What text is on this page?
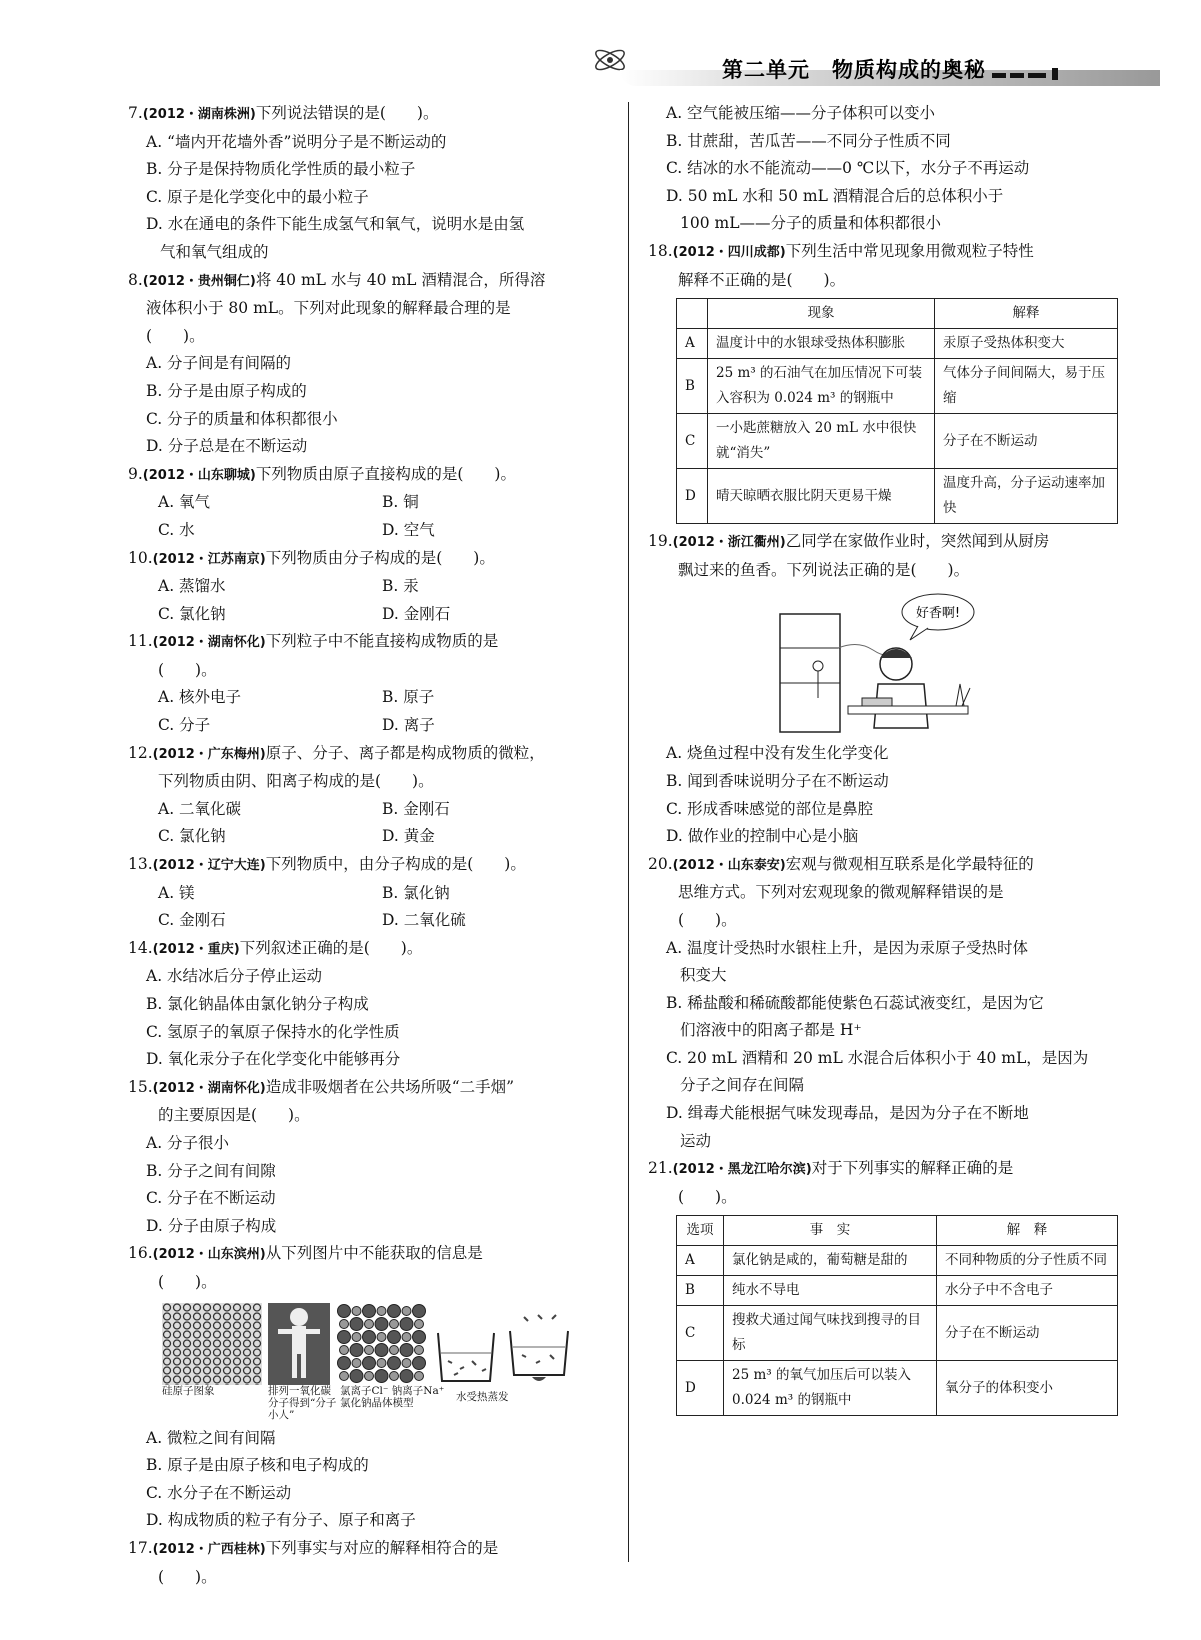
第二单元　物质构成的奥秘
7.(2012・湖南株洲)下列说法错误的是(　　)。
A. “墙内开花墙外香”说明分子是不断运动的
B. 分子是保持物质化学性质的最小粒子
C. 原子是化学变化中的最小粒子
D. 水在通电的条件下能生成氢气和氧气，说明水是由氢
气和氧气组成的
8.(2012・贵州铜仁)将 40 mL 水与 40 mL 酒精混合，所得溶
液体积小于 80 mL。下列对此现象的解释最合理的是
(　　)。
A. 分子间是有间隔的
B. 分子是由原子构成的
C. 分子的质量和体积都很小
D. 分子总是在不断运动
9.(2012・山东聊城)下列物质由原子直接构成的是(　　)。
A. 氧气	B. 铜
C. 水	D. 空气
10.(2012・江苏南京)下列物质由分子构成的是(　　)。
A. 蒸馏水	B. 汞
C. 氯化钠	D. 金刚石
11.(2012・湖南怀化)下列粒子中不能直接构成物质的是
(　　)。
A. 核外电子	B. 原子
C. 分子	D. 离子
12.(2012・广东梅州)原子、分子、离子都是构成物质的微粒，
下列物质由阴、阳离子构成的是(　　)。
A. 二氧化碳	B. 金刚石
C. 氯化钠	D. 黄金
13.(2012・辽宁大连)下列物质中，由分子构成的是(　　)。
A. 镁	B. 氯化钠
C. 金刚石	D. 二氧化硫
14.(2012・重庆)下列叙述正确的是(　　)。
A. 水结冰后分子停止运动
B. 氯化钠晶体由氯化钠分子构成
C. 氢原子的氧原子保持水的化学性质
D. 氧化汞分子在化学变化中能够再分
15.(2012・湖南怀化)造成非吸烟者在公共场所吸“二手烟”
的主要原因是(　　)。
A. 分子很小
B. 分子之间有间隙
C. 分子在不断运动
D. 分子由原子构成
16.(2012・山东滨州)从下列图片中不能获取的信息是
(　　)。
硅原子图象	排列一氧化碳分子得到“分子小人”
氯离子Cl⁻ 钠离子Na⁺ 氯化钠晶体模型	水受热蒸发
A. 微粒之间有间隔
B. 原子是由原子核和电子构成的
C. 水分子在不断运动
D. 构成物质的粒子有分子、原子和离子
17.(2012・广西桂林)下列事实与对应的解释相符合的是
(　　)。
A. 空气能被压缩——分子体积可以变小
B. 甘蔗甜，苦瓜苦——不同分子性质不同
C. 结冰的水不能流动——0 ℃以下，水分子不再运动
D. 50 mL 水和 50 mL 酒精混合后的总体积小于
100 mL——分子的质量和体积都很小
18.(2012・四川成都)下列生活中常见现象用微观粒子特性
解释不正确的是(　　)。
	现象	解释
A	温度计中的水银球受热体积膨胀	汞原子受热体积变大
B	25 m³ 的石油气在加压情况下可装入容积为 0.024 m³ 的钢瓶中	气体分子间间隔大，易于压缩
C	一小匙蔗糖放入 20 mL 水中很快就“消失”	分子在不断运动
D	晴天晾晒衣服比阴天更易干燥	温度升高，分子运动速率加快
19.(2012・浙江衢州)乙同学在家做作业时，突然闻到从厨房
飘过来的鱼香。下列说法正确的是(　　)。
好香啊!
A. 烧鱼过程中没有发生化学变化
B. 闻到香味说明分子在不断运动
C. 形成香味感觉的部位是鼻腔
D. 做作业的控制中心是小脑
20.(2012・山东泰安)宏观与微观相互联系是化学最特征的
思维方式。下列对宏观现象的微观解释错误的是
(　　)。
A. 温度计受热时水银柱上升，是因为汞原子受热时体
积变大
B. 稀盐酸和稀硫酸都能使紫色石蕊试液变红，是因为它
们溶液中的阳离子都是 H⁺
C. 20 mL 酒精和 20 mL 水混合后体积小于 40 mL，是因为
分子之间存在间隔
D. 缉毒犬能根据气味发现毒品，是因为分子在不断地
运动
21.(2012・黑龙江哈尔滨)对于下列事实的解释正确的是
(　　)。
选项	事　实	解　释
A	氯化钠是咸的，葡萄糖是甜的	不同种物质的分子性质不同
B	纯水不导电	水分子中不含电子
C	搜救犬通过闻气味找到搜寻的目标	分子在不断运动
D	25 m³ 的氧气加压后可以装入 0.024 m³ 的钢瓶中	氧分子的体积变小
